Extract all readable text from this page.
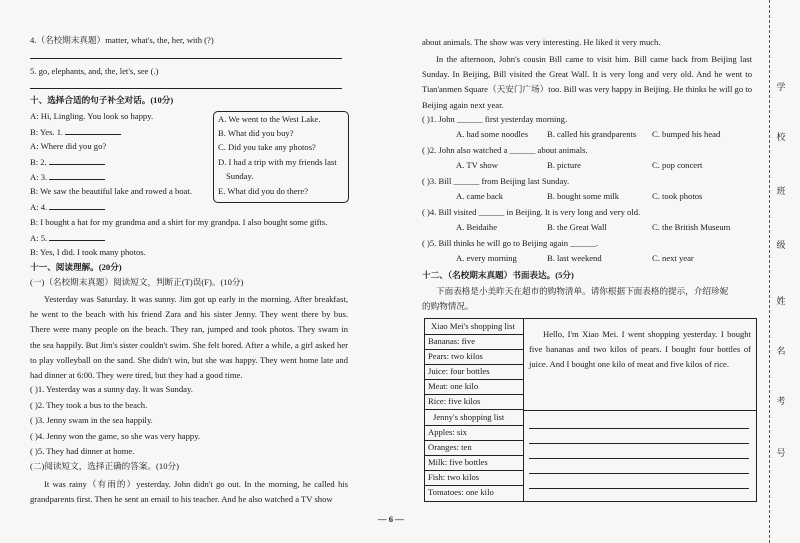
4.（名校期末真题）matter, what's, the, her, with (?)
5. go, elephants, and, the, let's, see (.)
十、选择合适的句子补全对话。(10分)
A: Hi, Lingling. You look so happy.
B: Yes. 1.
A: Where did you go?
B: 2.
A: 3.
B: We saw the beautiful lake and rowed a boat.
A: 4.
B: I bought a hat for my grandma and a shirt for my grandpa. I also bought some gifts.
A: 5.
B: Yes, I did. I took many photos.
A. We went to the West Lake.
B. What did you buy?
C. Did you take any photos?
D. I had a trip with my friends last
Sunday.
E. What did you do there?
十一、阅读理解。(20分)
(一)（名校期末真题）阅读短文，判断正(T)误(F)。(10分)
Yesterday was Saturday. It was sunny. Jim got up early in the morning. After breakfast, he went to the beach with his friend Zara and his sister Jenny. They went there by bus. There were many people on the beach. They ran, jumped and took photos. They swam in the sea happily. But Jim's sister couldn't swim. She felt bored. After a while, a girl asked her to play volleyball on the sand. She didn't win, but she was happy. They went home late and had dinner at 6:00. They were tired, but they had a good time.
( )1. Yesterday was a sunny day. It was Sunday.
( )2. They took a bus to the beach.
( )3. Jenny swam in the sea happily.
( )4. Jenny won the game, so she was very happy.
( )5. They had dinner at home.
(二)阅读短文，选择正确的答案。(10分)
It was rainy（有雨的）yesterday. John didn't go out. In the morning, he called his grandparents first. Then he sent an email to his teacher. And he also watched a TV show
about animals. The show was very interesting. He liked it very much.
In the afternoon, John's cousin Bill came to visit him. Bill came back from Beijing last Sunday. In Beijing, Bill visited the Great Wall. It is very long and very old. And he went to Tian'anmen Square（天安门广场）too. Bill was very happy in Beijing. He thinks he will go to Beijing again next year.
( )1. John ______ first yesterday morning.
A. had some noodles B. called his grandparents C. bumped his head
( )2. John also watched a ______ about animals.
A. TV show	B. picture	C. pop concert
( )3. Bill ______ from Beijing last Sunday.
A. came back	B. bought some milk	C. took photos
( )4. Bill visited ______ in Beijing. It is very long and very old.
A. Beidaihe	B. the Great Wall	C. the British Museum
( )5. Bill thinks he will go to Beijing again ______.
A. every morning	B. last weekend	C. next year
十二、（名校期末真题）书面表达。(5分)
下面表格是小美昨天在超市的购物清单。请你根据下面表格的提示，介绍珍妮
的购物情况。
Xiao Mei's shopping list
Bananas: five
Pears: two kilos
Juice: four bottles
Meat: one kilo
Rice: five kilos
Jenny's shopping list
Apples: six
Oranges: ten
Milk: five bottles
Fish: two kilos
Tomatoes: one kilo
Hello, I'm Xiao Mei. I went shopping yesterday. I bought five bananas and two kilos of pears. I bought four bottles of juice. And I bought one kilo of meat and five kilos of rice.
— 6 —
学
校
班
级
姓
名
考
号
